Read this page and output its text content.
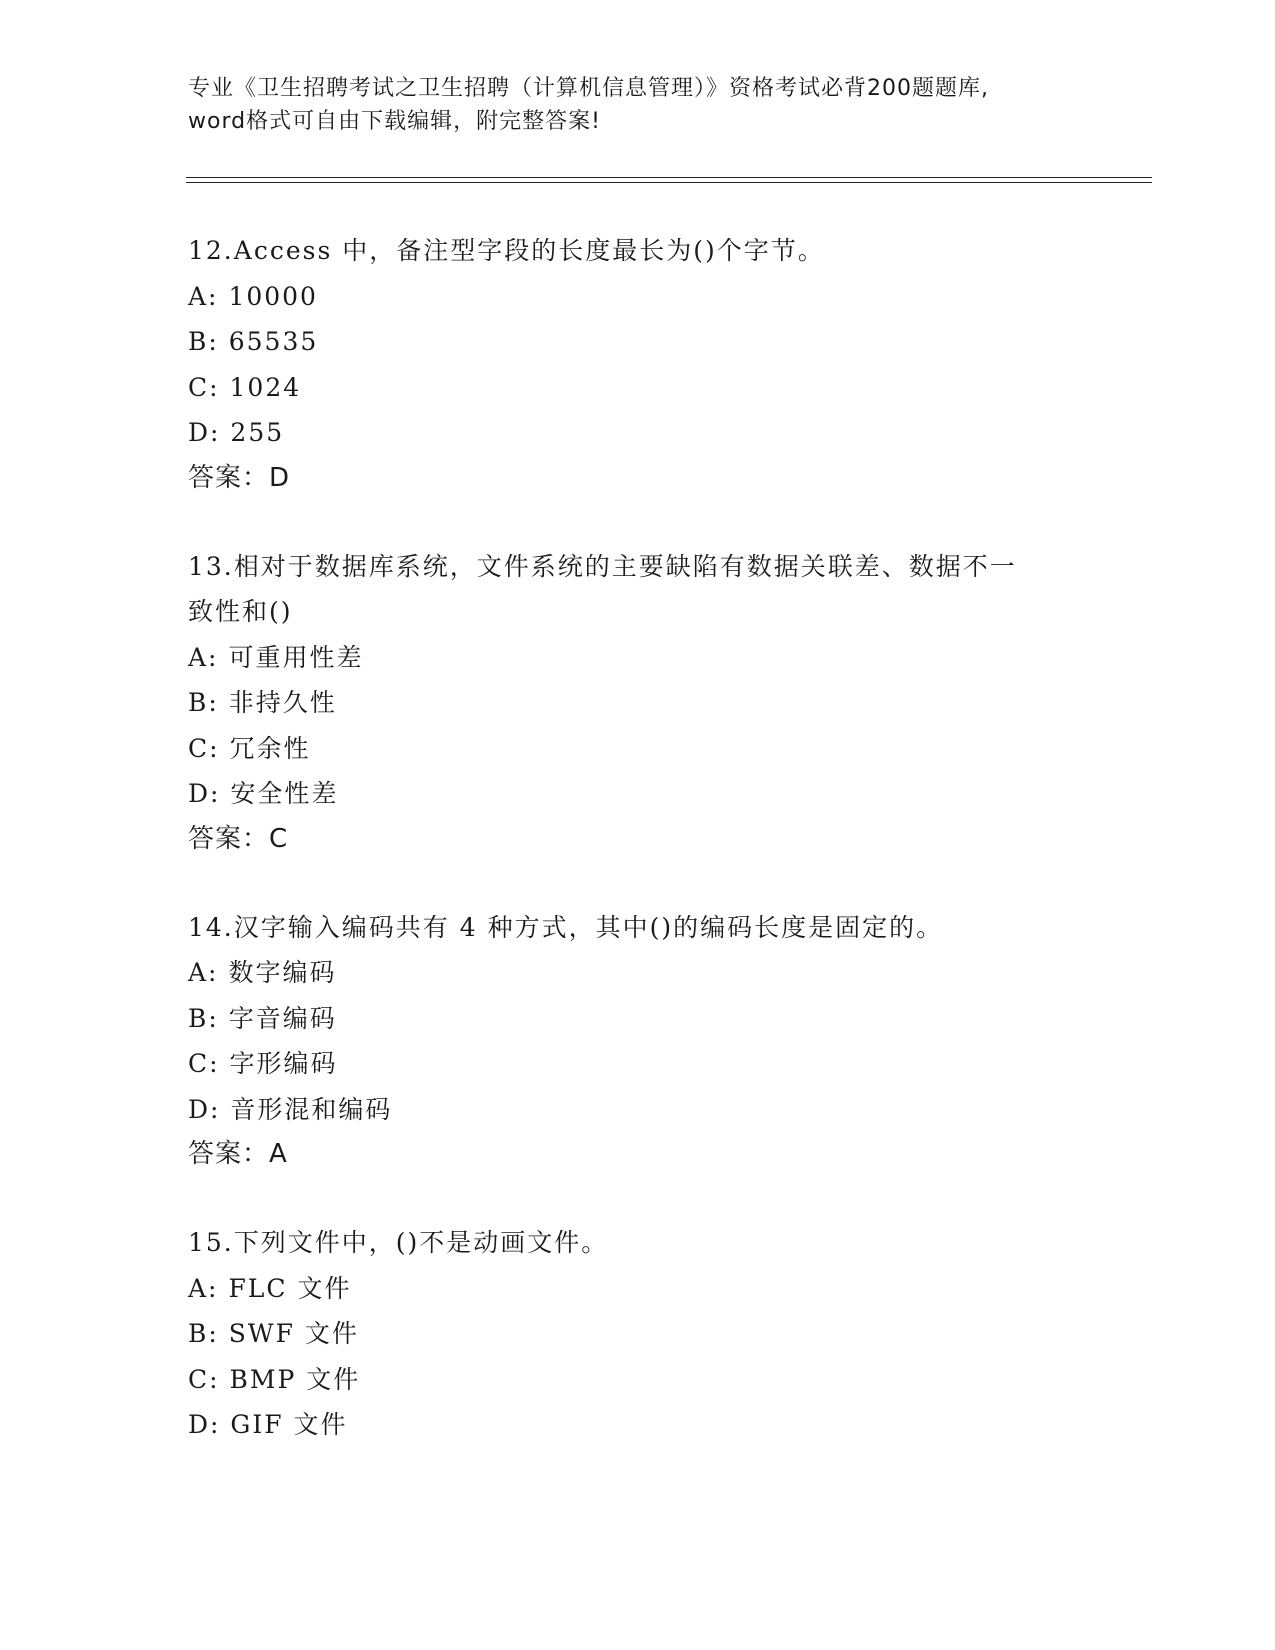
专业《卫生招聘考试之卫生招聘（计算机信息管理）》资格考试必背200题题库,
word格式可自由下载编辑，附完整答案!
12.Access 中，备注型字段的长度最长为()个字节。
A: 10000
B: 65535
C: 1024
D: 255
答案：D
13.相对于数据库系统，文件系统的主要缺陷有数据关联差、数据不一
致性和()
A: 可重用性差
B: 非持久性
C: 冗余性
D: 安全性差
答案：C
14.汉字输入编码共有 4 种方式，其中()的编码长度是固定的。
A: 数字编码
B: 字音编码
C: 字形编码
D: 音形混和编码
答案：A
15.下列文件中，()不是动画文件。
A: FLC 文件
B: SWF 文件
C: BMP 文件
D: GIF 文件
